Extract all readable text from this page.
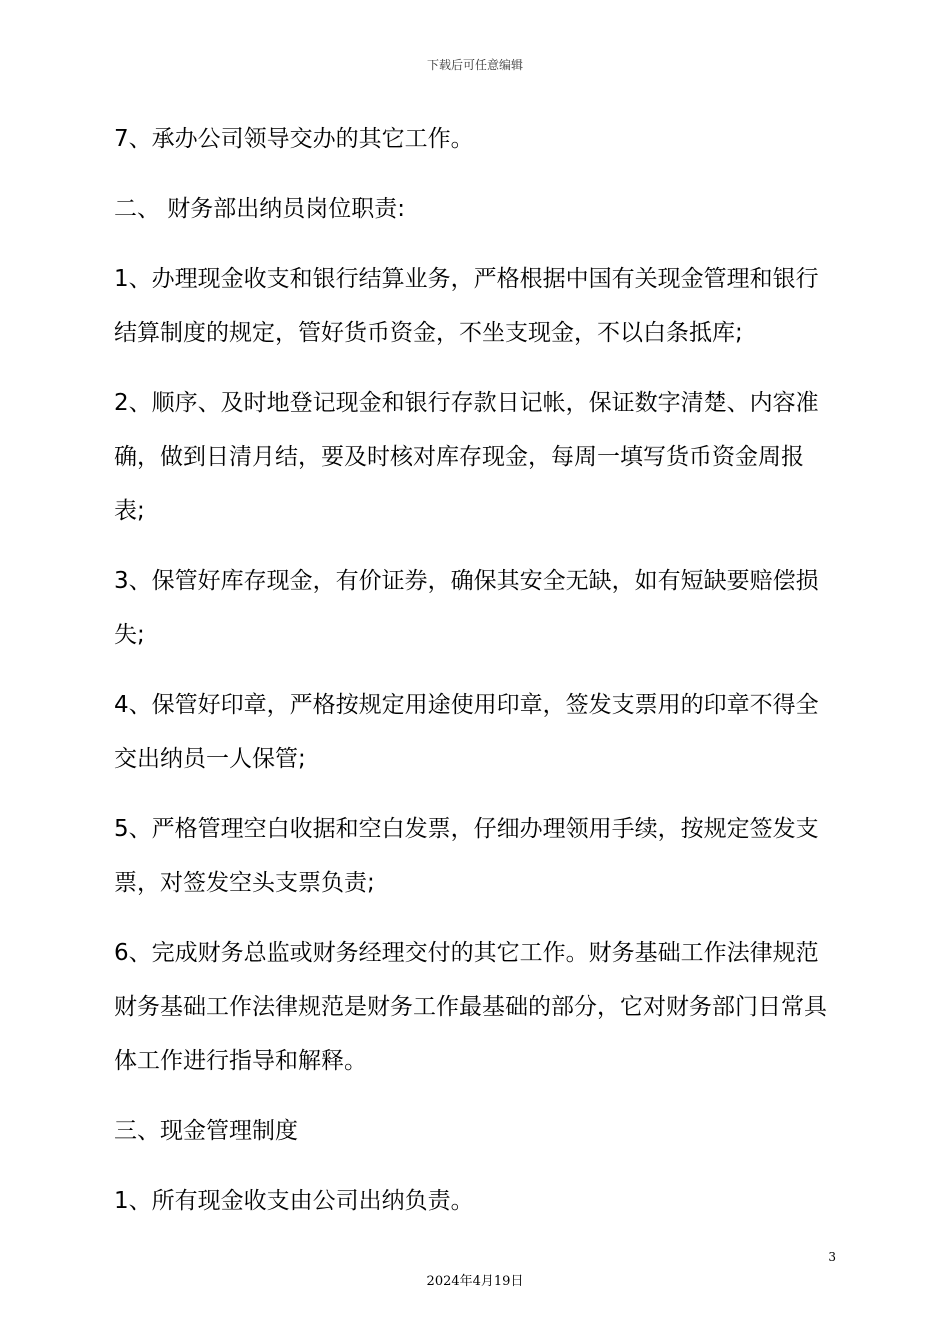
下载后可任意编辑
7、承办公司领导交办的其它工作。
二、 财务部出纳员岗位职责:
1、办理现金收支和银行结算业务，严格根据中国有关现金管理和银行
结算制度的规定，管好货币资金，不坐支现金，不以白条抵库;
2、顺序、及时地登记现金和银行存款日记帐，保证数字清楚、内容准
确，做到日清月结，要及时核对库存现金，每周一填写货币资金周报
表;
3、保管好库存现金，有价证券，确保其安全无缺，如有短缺要赔偿损
失;
4、保管好印章，严格按规定用途使用印章，签发支票用的印章不得全
交出纳员一人保管;
5、严格管理空白收据和空白发票，仔细办理领用手续，按规定签发支
票，对签发空头支票负责;
6、完成财务总监或财务经理交付的其它工作。财务基础工作法律规范
财务基础工作法律规范是财务工作最基础的部分，它对财务部门日常具
体工作进行指导和解释。
三、现金管理制度
1、所有现金收支由公司出纳负责。
3
2024年4月19日
